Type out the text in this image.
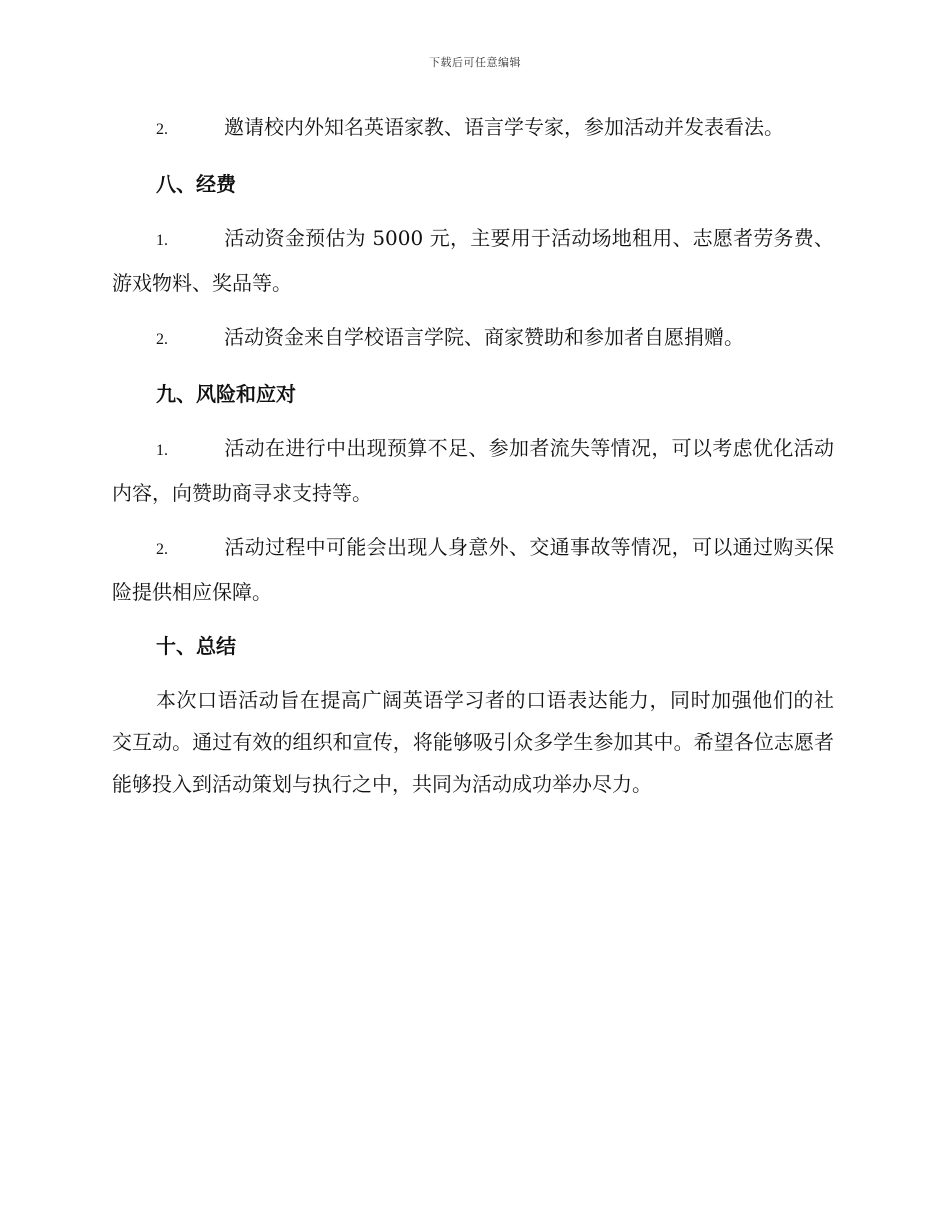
下载后可任意编辑

2.	邀请校内外知名英语家教、语言学专家，参加活动并发表看法。

八、经费

1.	活动资金预估为 5000 元，主要用于活动场地租用、志愿者劳务费、游戏物料、奖品等。

2.	活动资金来自学校语言学院、商家赞助和参加者自愿捐赠。

九、风险和应对

1.	活动在进行中出现预算不足、参加者流失等情况，可以考虑优化活动内容，向赞助商寻求支持等。

2.	活动过程中可能会出现人身意外、交通事故等情况，可以通过购买保险提供相应保障。

十、总结

本次口语活动旨在提高广阔英语学习者的口语表达能力，同时加强他们的社交互动。通过有效的组织和宣传，将能够吸引众多学生参加其中。希望各位志愿者能够投入到活动策划与执行之中，共同为活动成功举办尽力。
